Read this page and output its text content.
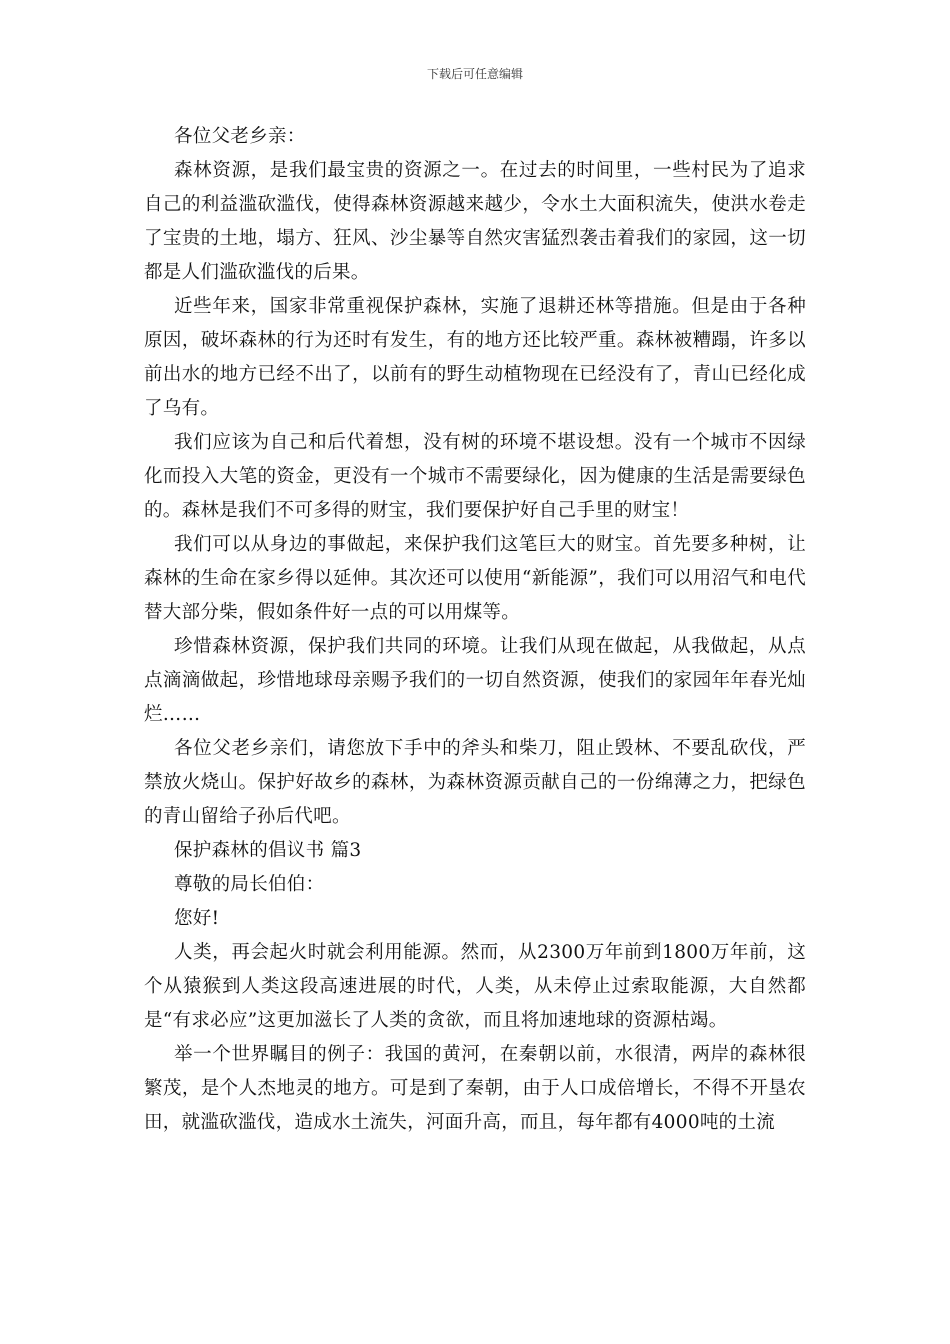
下载后可任意编辑

各位父老乡亲：

森林资源，是我们最宝贵的资源之一。在过去的时间里，一些村民为了追求自己的利益滥砍滥伐，使得森林资源越来越少，令水土大面积流失，使洪水卷走了宝贵的土地，塌方、狂风、沙尘暴等自然灾害猛烈袭击着我们的家园，这一切都是人们滥砍滥伐的后果。

近些年来，国家非常重视保护森林，实施了退耕还林等措施。但是由于各种原因，破坏森林的行为还时有发生，有的地方还比较严重。森林被糟蹋，许多以前出水的地方已经不出了，以前有的野生动植物现在已经没有了，青山已经化成了乌有。

我们应该为自己和后代着想，没有树的环境不堪设想。没有一个城市不因绿化而投入大笔的资金，更没有一个城市不需要绿化，因为健康的生活是需要绿色的。森林是我们不可多得的财宝，我们要保护好自己手里的财宝！

我们可以从身边的事做起，来保护我们这笔巨大的财宝。首先要多种树，让森林的生命在家乡得以延伸。其次还可以使用“新能源”，我们可以用沼气和电代替大部分柴，假如条件好一点的可以用煤等。

珍惜森林资源，保护我们共同的环境。让我们从现在做起，从我做起，从点点滴滴做起，珍惜地球母亲赐予我们的一切自然资源，使我们的家园年年春光灿烂……

各位父老乡亲们，请您放下手中的斧头和柴刀，阻止毁林、不要乱砍伐，严禁放火烧山。保护好故乡的森林，为森林资源贡献自己的一份绵薄之力，把绿色的青山留给子孙后代吧。

保护森林的倡议书 篇3

尊敬的局长伯伯：

您好!

人类，再会起火时就会利用能源。然而，从2300万年前到1800万年前，这个从猿猴到人类这段高速进展的时代，人类，从未停止过索取能源，大自然都是“有求必应”这更加滋长了人类的贪欲，而且将加速地球的资源枯竭。

举一个世界瞩目的例子：我国的黄河，在秦朝以前，水很清，两岸的森林很繁茂，是个人杰地灵的地方。可是到了秦朝，由于人口成倍增长，不得不开垦农田，就滥砍滥伐，造成水土流失，河面升高，而且，每年都有4000吨的土流
